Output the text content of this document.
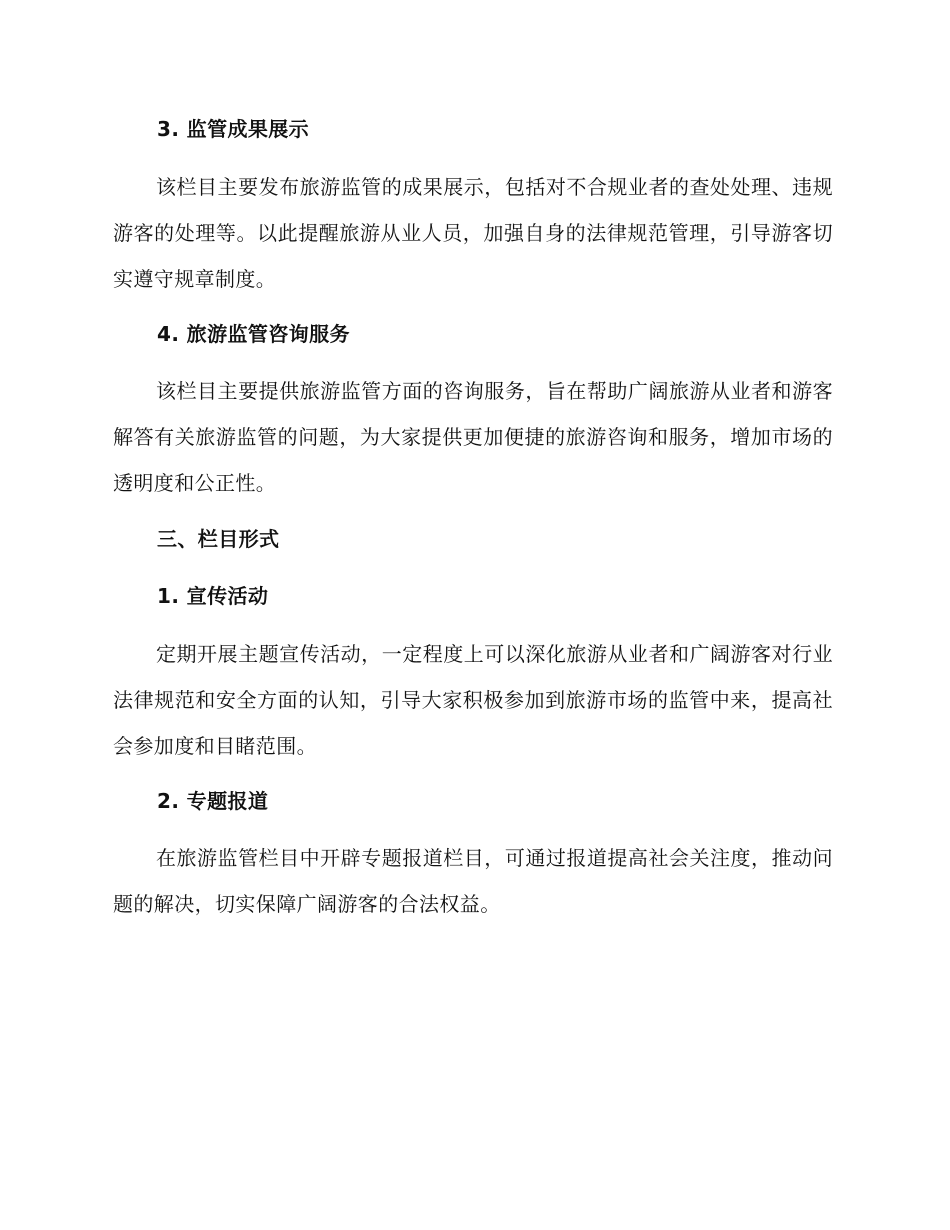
3. 监管成果展示

该栏目主要发布旅游监管的成果展示，包括对不合规业者的查处处理、违规游客的处理等。以此提醒旅游从业人员，加强自身的法律规范管理，引导游客切实遵守规章制度。

4. 旅游监管咨询服务

该栏目主要提供旅游监管方面的咨询服务，旨在帮助广阔旅游从业者和游客解答有关旅游监管的问题，为大家提供更加便捷的旅游咨询和服务，增加市场的透明度和公正性。

三、栏目形式
1. 宣传活动

定期开展主题宣传活动，一定程度上可以深化旅游从业者和广阔游客对行业法律规范和安全方面的认知，引导大家积极参加到旅游市场的监管中来，提高社会参加度和目睹范围。

2. 专题报道

在旅游监管栏目中开辟专题报道栏目，可通过报道提高社会关注度，推动问题的解决，切实保障广阔游客的合法权益。
